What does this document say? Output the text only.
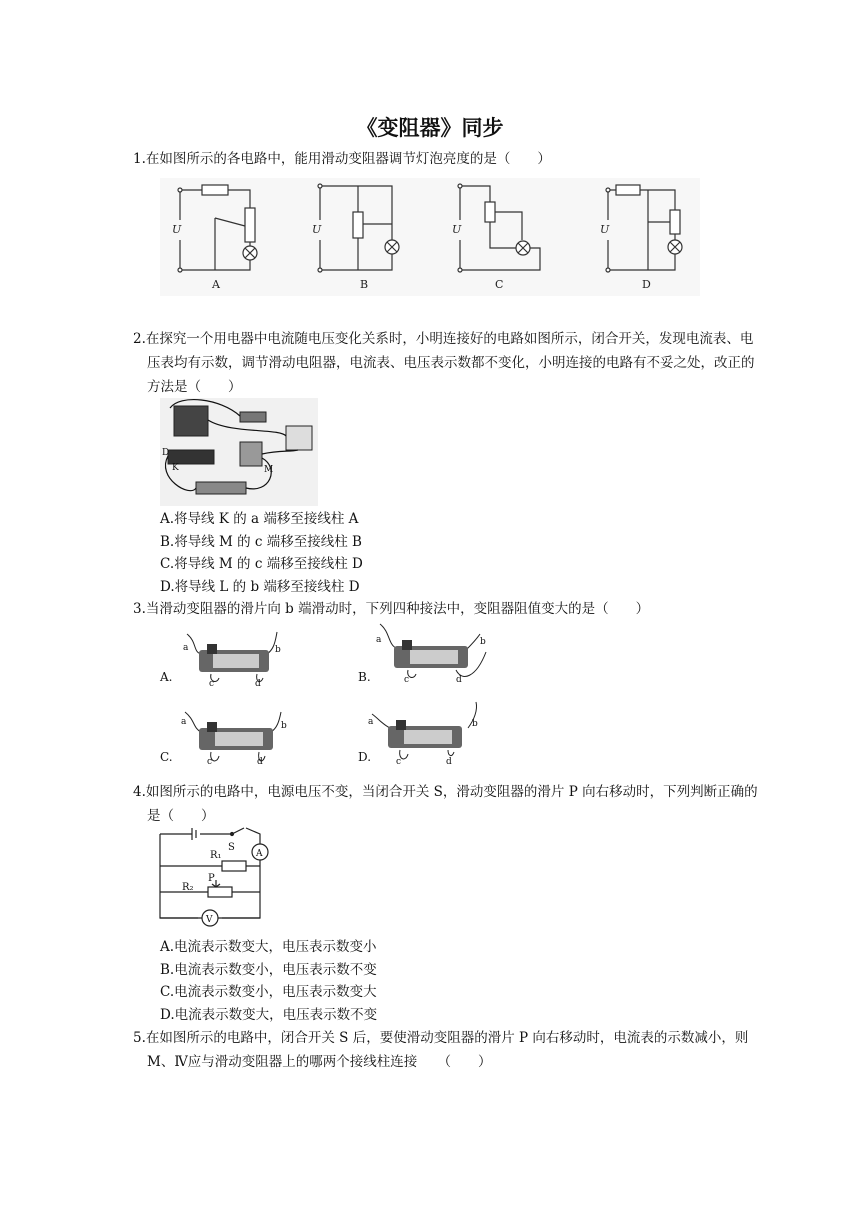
《变阻器》同步
1.在如图所示的各电路中，能用滑动变阻器调节灯泡亮度的是（　　）
U	U	U	U
A	B	C	D
2.在探究一个用电器中电流随电压变化关系时，小明连接好的电路如图所示，闭合开关，发现电流表、电压表均有示数，调节滑动电阻器，电流表、电压表示数都不变化，小明连接的电路有不妥之处，改正的方法是（　　）
D
K	M
A.将导线 K 的 a 端移至接线柱 A
B.将导线 M 的 c 端移至接线柱 B
C.将导线 M 的 c 端移至接线柱 D
D.将导线 L 的 b 端移至接线柱 D
3.当滑动变阻器的滑片向 b 端滑动时，下列四种接法中，变阻器阻值变大的是（　　）
a	b
c	d
a	b
c	d
a	b
c	d
a	b
c	d
A.	B.
C.	D.
4.如图所示的电路中，电源电压不变，当闭合开关 S，滑动变阻器的滑片 P 向右移动时，下列判断正确的是（　　）
S
R₁
R₂
P
A
V
A.电流表示数变大，电压表示数变小
B.电流表示数变小，电压表示数不变
C.电流表示数变小，电压表示数变大
D.电流表示数变大，电压表示数不变
5.在如图所示的电路中，闭合开关 S 后，要使滑动变阻器的滑片 P 向右移动时，电流表的示数减小，则 M、Ⅳ应与滑动变阻器上的哪两个接线柱连接　　（　　）
